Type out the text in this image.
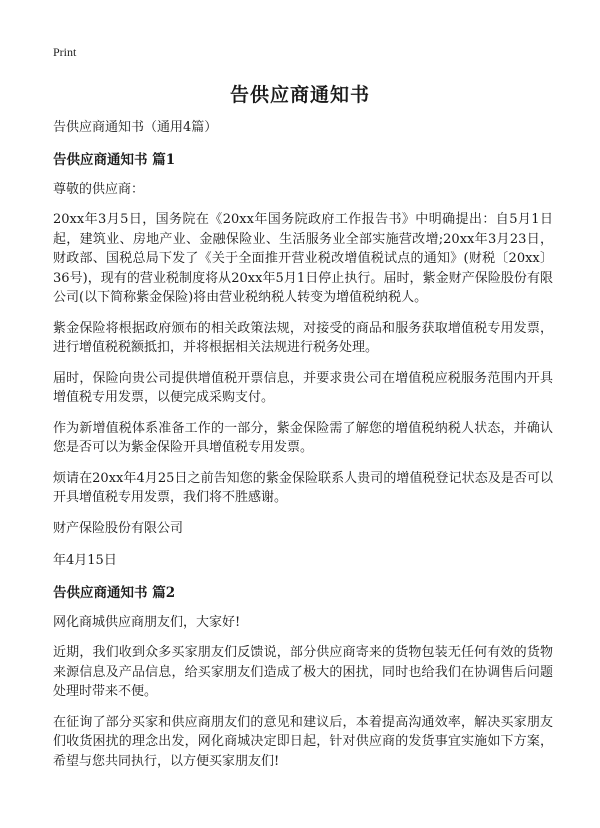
Print
告供应商通知书

告供应商通知书（通用4篇）

告供应商通知书 篇1

尊敬的供应商：

20xx年3月5日，国务院在《20xx年国务院政府工作报告书》中明确提出：自5月1日起，建筑业、房地产业、金融保险业、生活服务业全部实施营改增;20xx年3月23日，财政部、国税总局下发了《关于全面推开营业税改增值税试点的通知》(财税〔20xx〕36号)，现有的营业税制度将从20xx年5月1日停止执行。届时，紫金财产保险股份有限公司(以下简称紫金保险)将由营业税纳税人转变为增值税纳税人。

紫金保险将根据政府颁布的相关政策法规，对接受的商品和服务获取增值税专用发票，进行增值税税额抵扣，并将根据相关法规进行税务处理。

届时，保险向贵公司提供增值税开票信息，并要求贵公司在增值税应税服务范围内开具增值税专用发票，以便完成采购支付。

作为新增值税体系准备工作的一部分，紫金保险需了解您的增值税纳税人状态，并确认您是否可以为紫金保险开具增值税专用发票。

烦请在20xx年4月25日之前告知您的紫金保险联系人贵司的增值税登记状态及是否可以开具增值税专用发票，我们将不胜感谢。

财产保险股份有限公司

年4月15日

告供应商通知书 篇2

网化商城供应商朋友们，大家好!

近期，我们收到众多买家朋友们反馈说，部分供应商寄来的货物包装无任何有效的货物来源信息及产品信息，给买家朋友们造成了极大的困扰，同时也给我们在协调售后问题处理时带来不便。

在征询了部分买家和供应商朋友们的意见和建议后，本着提高沟通效率，解决买家朋友们收货困扰的理念出发，网化商城决定即日起，针对供应商的发货事宜实施如下方案，希望与您共同执行，以方便买家朋友们!
